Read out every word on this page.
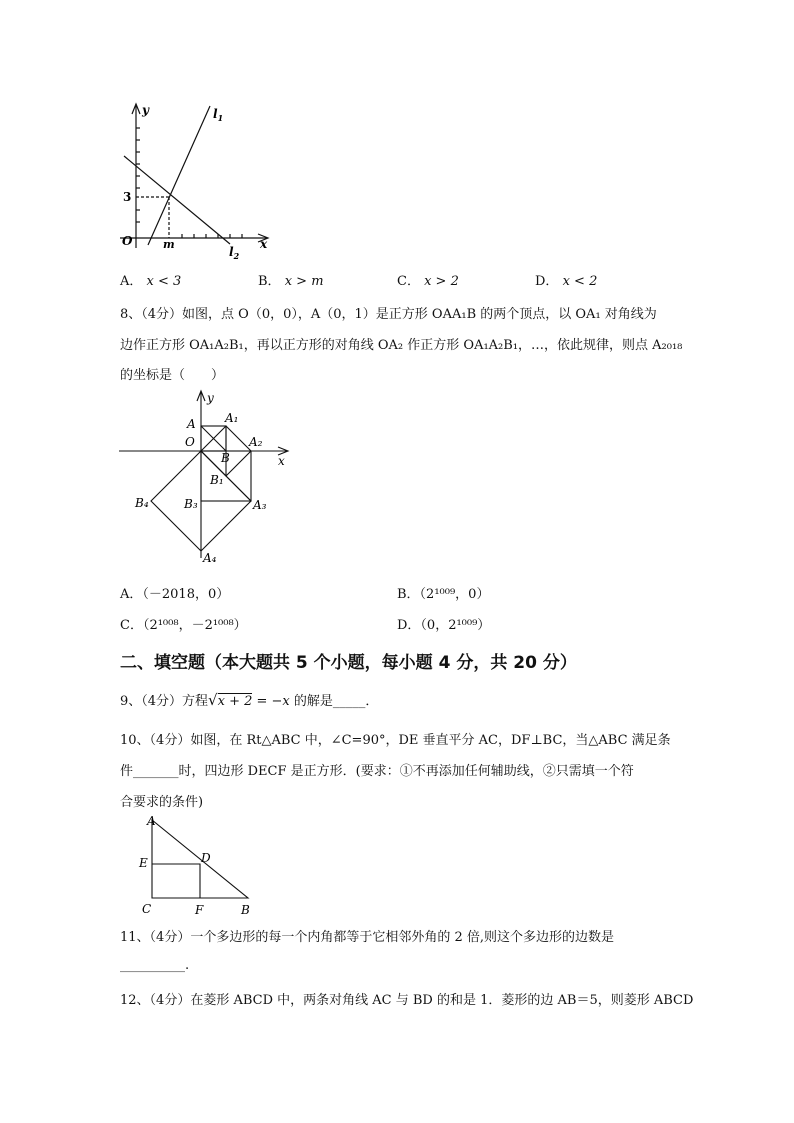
y	$l_1$
3
O	m	x
$l_2$
A． x < 3	B． x > m	C． x > 2	D． x < 2
8、（4分）如图，点 O（0，0），A（0，1）是正方形 OAA₁B 的两个顶点，以 OA₁ 对角线为
边作正方形 OA₁A₂B₁，再以正方形的对角线 OA₂ 作正方形 OA₁A₂B₁，…，依此规律，则点 A₂₀₁₈
的坐标是（　　）
y
A₁
A
O	A₂
x
B
B₁
B₄	B₃	A₃
A₄
A．（－2018，0）	B．（2¹⁰⁰⁹，0）
C．（2¹⁰⁰⁸，－2¹⁰⁰⁸）	D．（0，2¹⁰⁰⁹）
二、填空题（本大题共 5 个小题，每小题 4 分，共 20 分）
9、（4分）方程√x + 2 = −x 的解是_____．
10、（4分）如图，在 Rt△ABC 中，∠C=90°，DE 垂直平分 AC，DF⊥BC，当△ABC 满足条
件_______时，四边形 DECF 是正方形．(要求：①不再添加任何辅助线，②只需填一个符
合要求的条件)
A
E	D
C	F	B
11、（4分）一个多边形的每一个内角都等于它相邻外角的 2 倍,则这个多边形的边数是
__________.
12、（4分）在菱形 ABCD 中，两条对角线 AC 与 BD 的和是 1．菱形的边 AB＝5，则菱形 ABCD
